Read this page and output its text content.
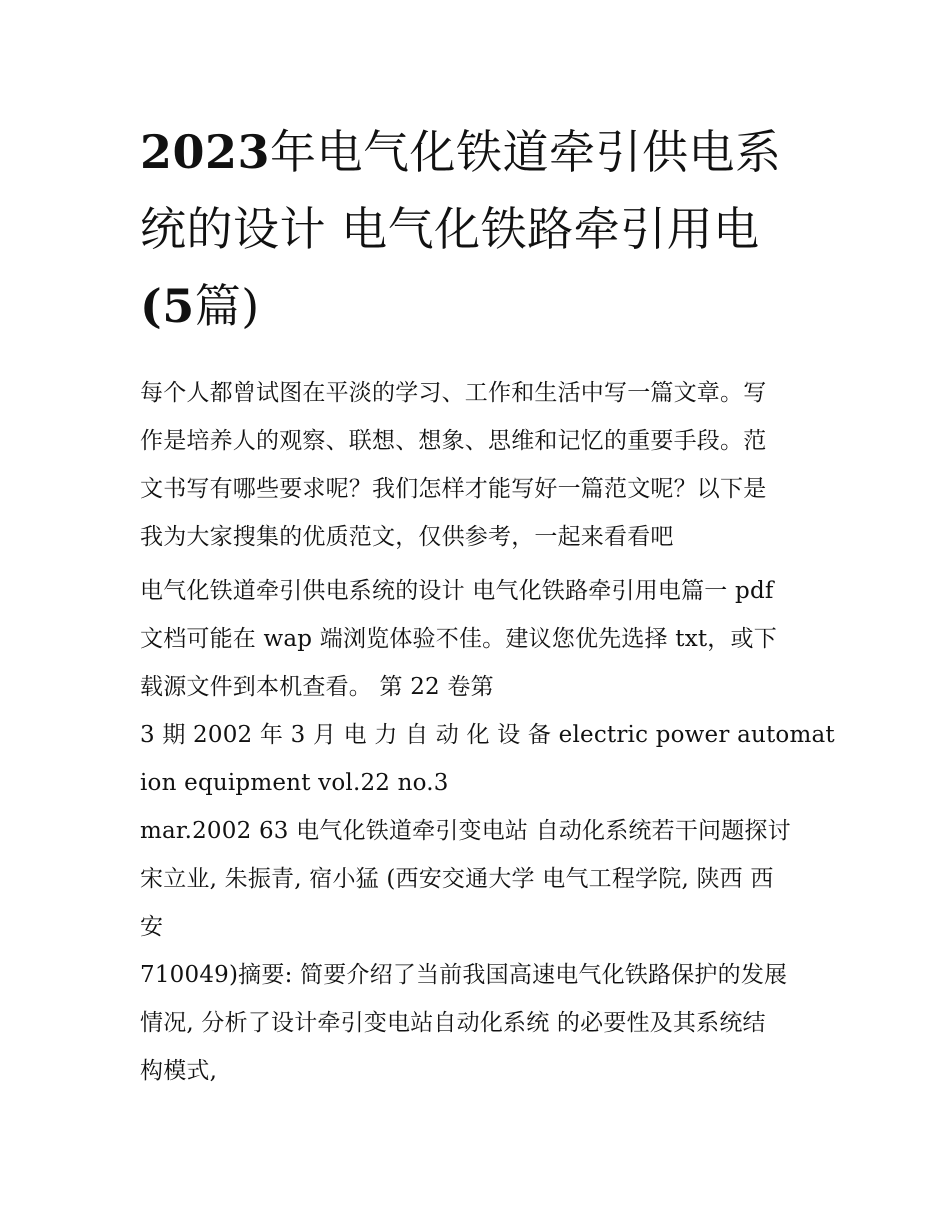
2023年电气化铁道牵引供电系
统的设计 电气化铁路牵引用电
(5篇)

每个人都曾试图在平淡的学习、工作和生活中写一篇文章。写
作是培养人的观察、联想、想象、思维和记忆的重要手段。范
文书写有哪些要求呢？我们怎样才能写好一篇范文呢？以下是
我为大家搜集的优质范文，仅供参考，一起来看看吧

电气化铁道牵引供电系统的设计 电气化铁路牵引用电篇一 pdf
文档可能在 wap 端浏览体验不佳。建议您优先选择 txt，或下
载源文件到本机查看。 第 22 卷第

3 期 2002 年 3 月 电 力 自 动 化 设 备 electric power automat
ion equipment vol.22 no.3

mar.2002 63 电气化铁道牵引变电站 自动化系统若干问题探讨
宋立业, 朱振青, 宿小猛 (西安交通大学 电气工程学院, 陕西 西
安

710049)摘要: 简要介绍了当前我国高速电气化铁路保护的发展
情况, 分析了设计牵引变电站自动化系统 的必要性及其系统结
构模式,
